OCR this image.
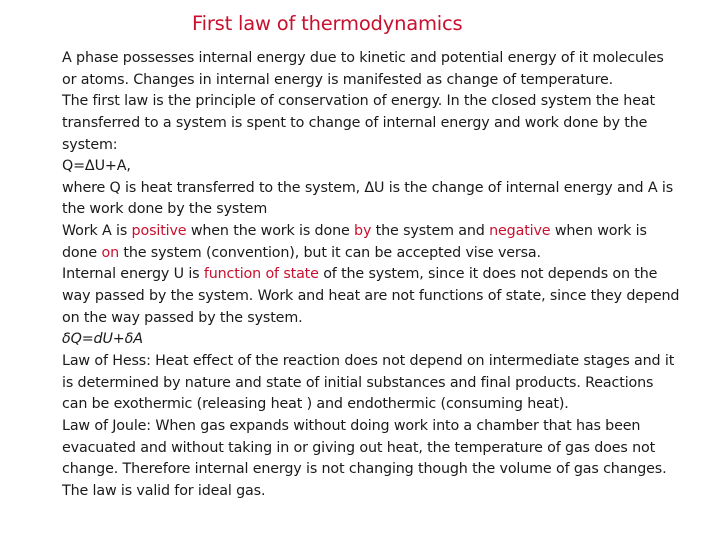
First law of thermodynamics
A phase possesses internal energy due to kinetic and potential energy of it molecules
or atoms. Changes in internal energy is manifested as change of temperature.
The first law is the principle of conservation of energy. In the closed system the heat
transferred to a system is spent to change of internal energy and work done by the
system:
Q=ΔU+A,
where Q is heat transferred to the system, ΔU is the change of internal energy and A is
the work done by the system
Work A is positive when the work is done by the system and negative when work is
done on the system (convention), but it can be accepted vise versa.
Internal energy U is function of state of the system, since it does not depends on the
way passed by the system. Work and heat are not functions of state, since they depend
on the way passed by the system.
δQ=dU+δA
Law of Hess: Heat effect of the reaction does not depend on intermediate stages and it
is determined by nature and state of initial substances and final products. Reactions
can be exothermic (releasing heat ) and endothermic (consuming heat).
Law of Joule: When gas expands without doing work into a chamber that has been
evacuated and without taking in or giving out heat, the temperature of gas does not
change. Therefore internal energy is not changing though the volume of gas changes.
The law is valid for ideal gas.
